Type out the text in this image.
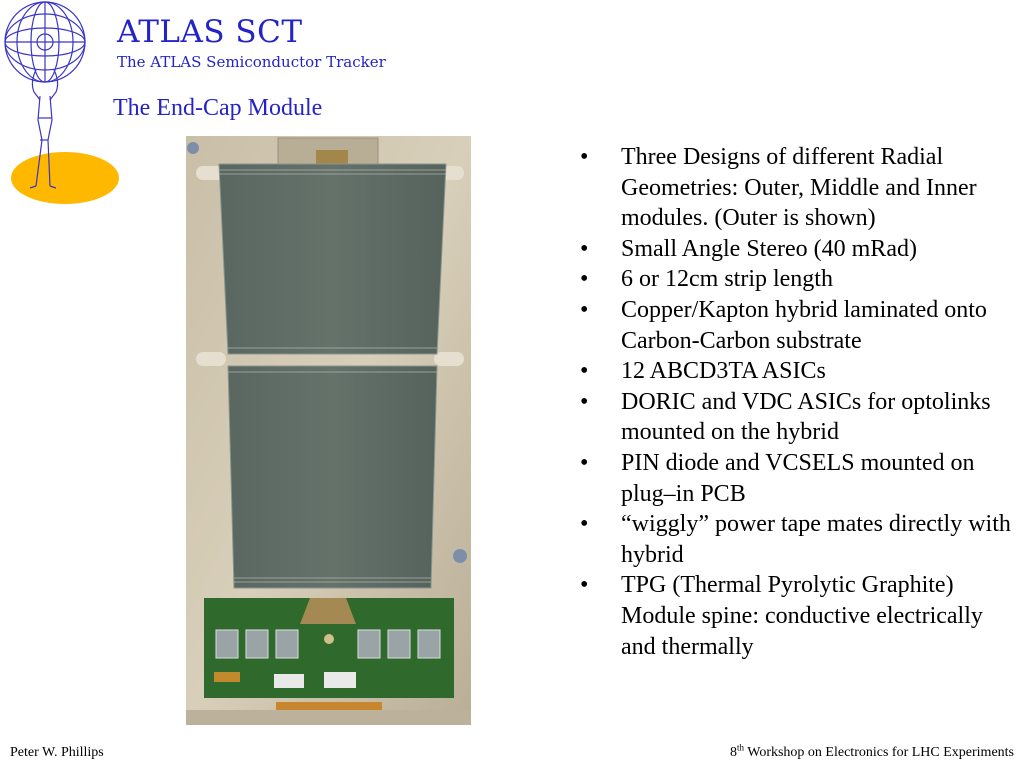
ATLAS SCT
The ATLAS Semiconductor Tracker
The End-Cap Module
• Three Designs of different Radial Geometries: Outer, Middle and Inner modules. (Outer is shown)
• Small Angle Stereo (40 mRad)
• 6 or 12cm strip length
• Copper/Kapton hybrid laminated onto Carbon-Carbon substrate
• 12 ABCD3TA ASICs
• DORIC and VDC ASICs for optolinks mounted on the hybrid
• PIN diode and VCSELS mounted on plug–in PCB
• “wiggly” power tape mates directly with hybrid
• TPG (Thermal Pyrolytic Graphite) Module spine: conductive electrically and thermally
Peter W. Phillips	8th Workshop on Electronics for LHC Experiments
